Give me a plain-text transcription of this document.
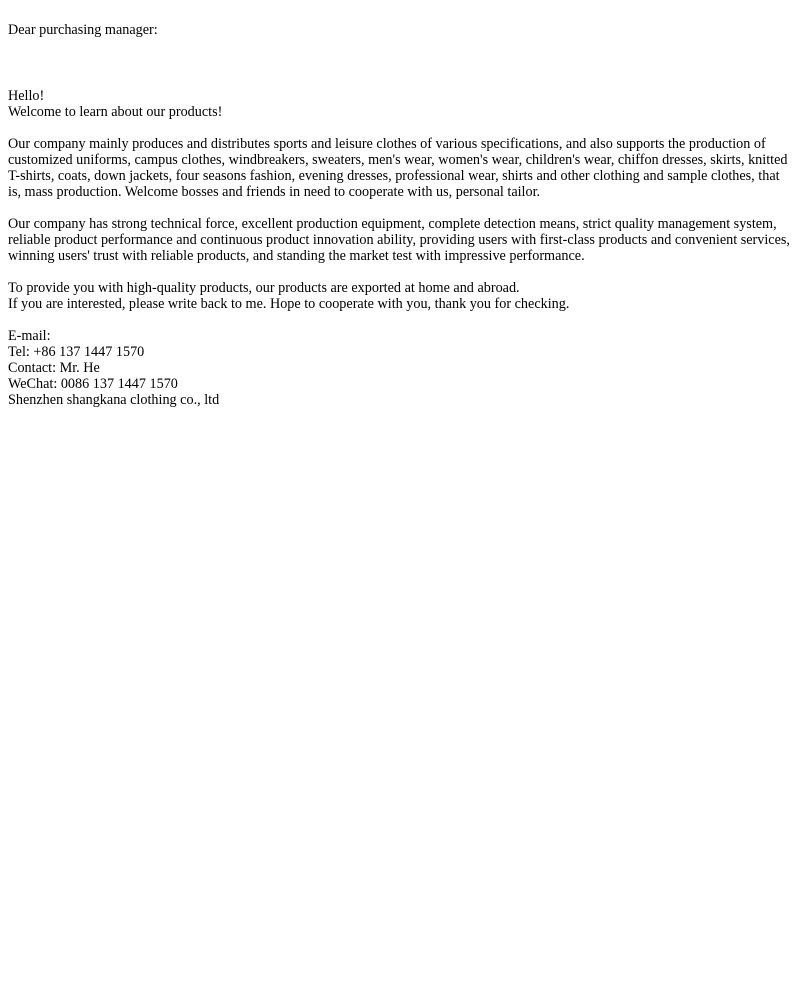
Dear purchasing manager:
Hello!
Welcome to learn about our products!
Our company mainly produces and distributes sports and leisure clothes of various specifications, and also supports the production of customized uniforms, campus clothes, windbreakers, sweaters, men's wear, women's wear, children's wear, chiffon dresses, skirts, knitted T-shirts, coats, down jackets, four seasons fashion, evening dresses, professional wear, shirts and other clothing and sample clothes, that is, mass production. Welcome bosses and friends in need to cooperate with us, personal tailor.
Our company has strong technical force, excellent production equipment, complete detection means, strict quality management system, reliable product performance and continuous product innovation ability, providing users with first-class products and convenient services, winning users' trust with reliable products, and standing the market test with impressive performance.
To provide you with high-quality products, our products are exported at home and abroad.
If you are interested, please write back to me. Hope to cooperate with you, thank you for checking.
E-mail:
Tel: +86 137 1447 1570
Contact: Mr. He
WeChat: 0086 137 1447 1570
Shenzhen shangkana clothing co., ltd
